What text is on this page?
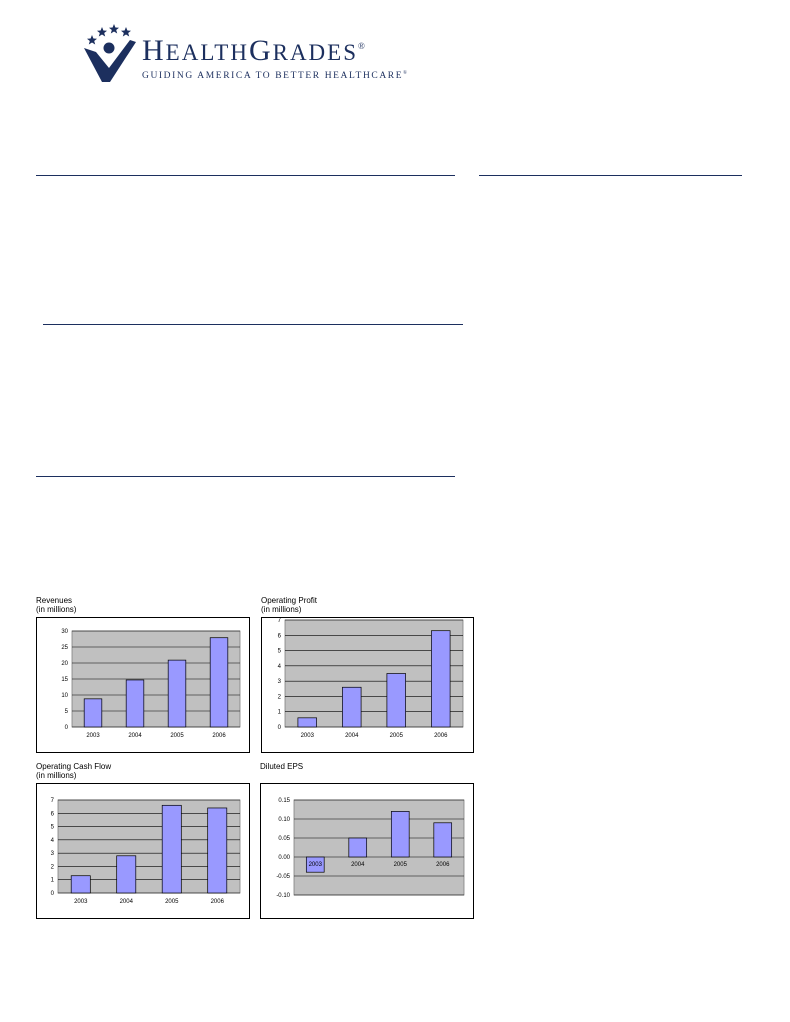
HEALTHGRADES®
GUIDING AMERICA TO BETTER HEALTHCARE®
Revenues
(in millions)
0
5
10
15
20
25
30
2003	2004	2005	2006
Operating Profit
(in millions)
0
1
2
3
4
5
6
7
2003	2004	2005	2006
Operating Cash Flow
(in millions)
0
1
2
3
4
5
6
7
2003	2004	2005	2006
Diluted EPS
0.15
0.10
0.05
0.00
-0.05
-0.10
2003	2004	2005	2006
